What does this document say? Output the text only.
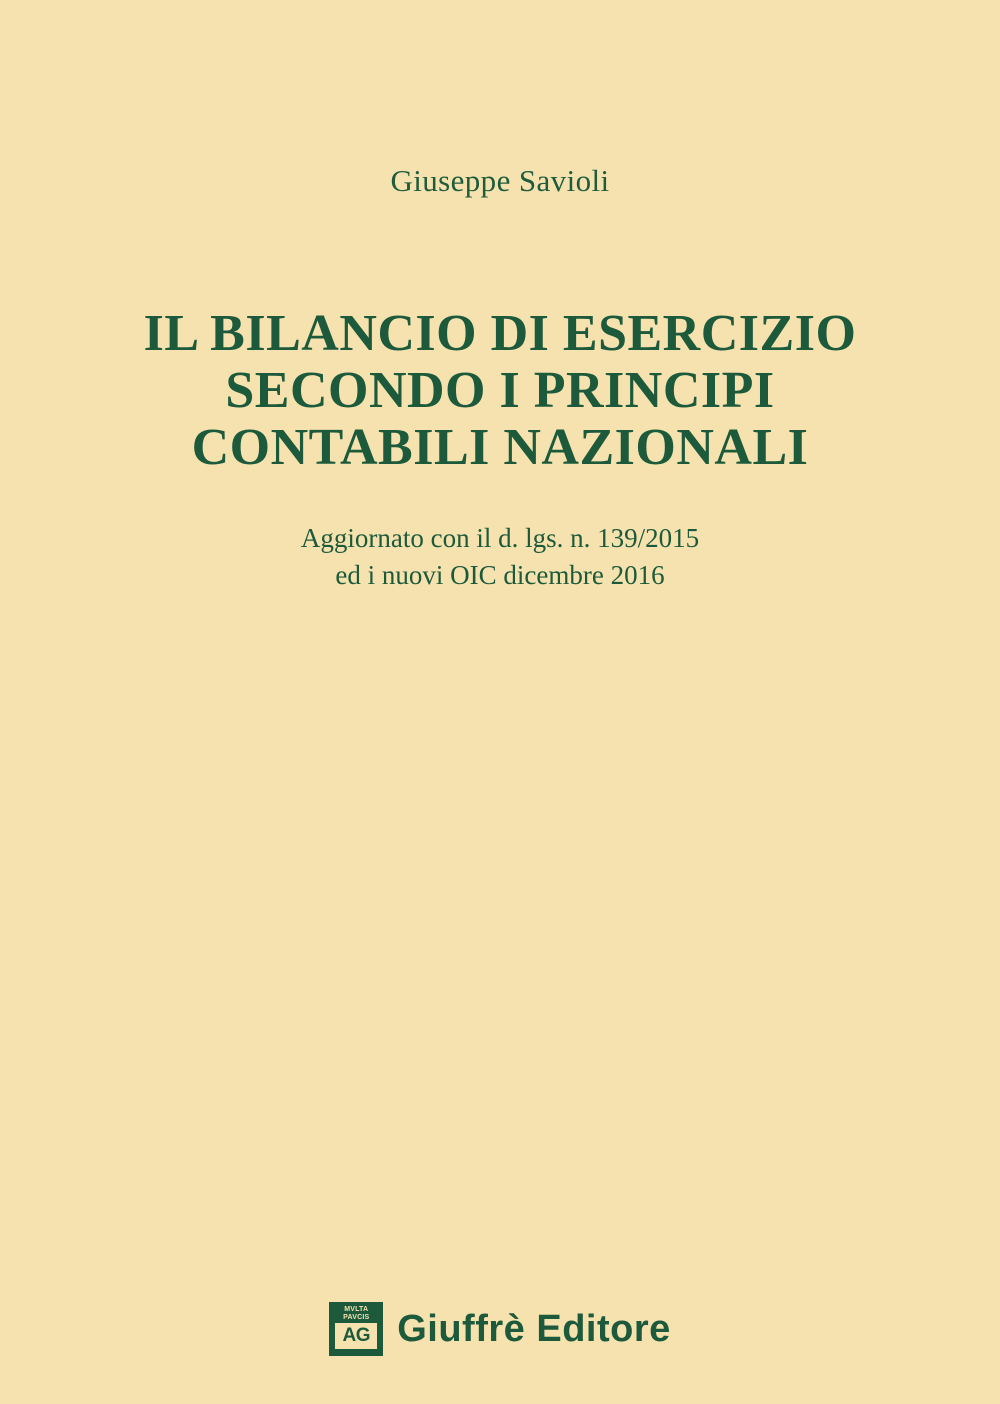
Giuseppe Savioli
IL BILANCIO DI ESERCIZIO
SECONDO I PRINCIPI
CONTABILI NAZIONALI
Aggiornato con il d. lgs. n. 139/2015
ed i nuovi OIC dicembre 2016
MVLTA
PAVCIS
AG Giuffrè Editore
